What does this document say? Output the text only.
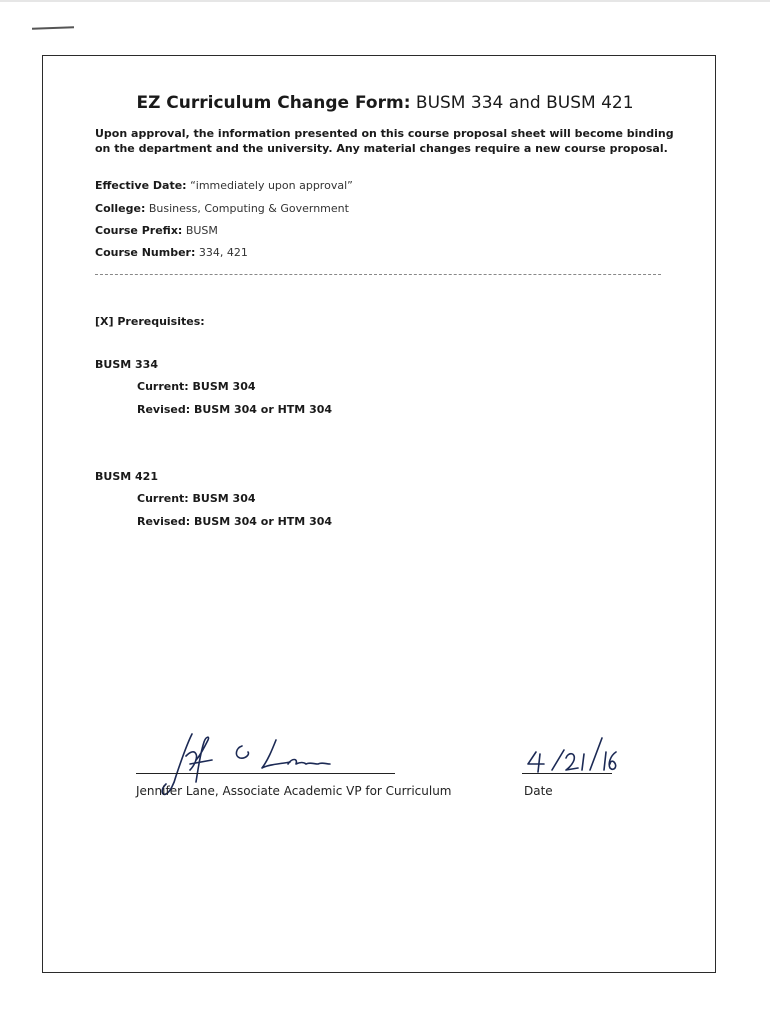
EZ Curriculum Change Form: BUSM 334 and BUSM 421
Upon approval, the information presented on this course proposal sheet will become binding on the department and the university. Any material changes require a new course proposal.
Effective Date: “immediately upon approval”
College: Business, Computing & Government
Course Prefix: BUSM
Course Number: 334, 421
[X] Prerequisites:
BUSM 334
Current: BUSM 304
Revised: BUSM 304 or HTM 304
BUSM 421
Current: BUSM 304
Revised: BUSM 304 or HTM 304
Jennifer Lane, Associate Academic VP for Curriculum	Date
